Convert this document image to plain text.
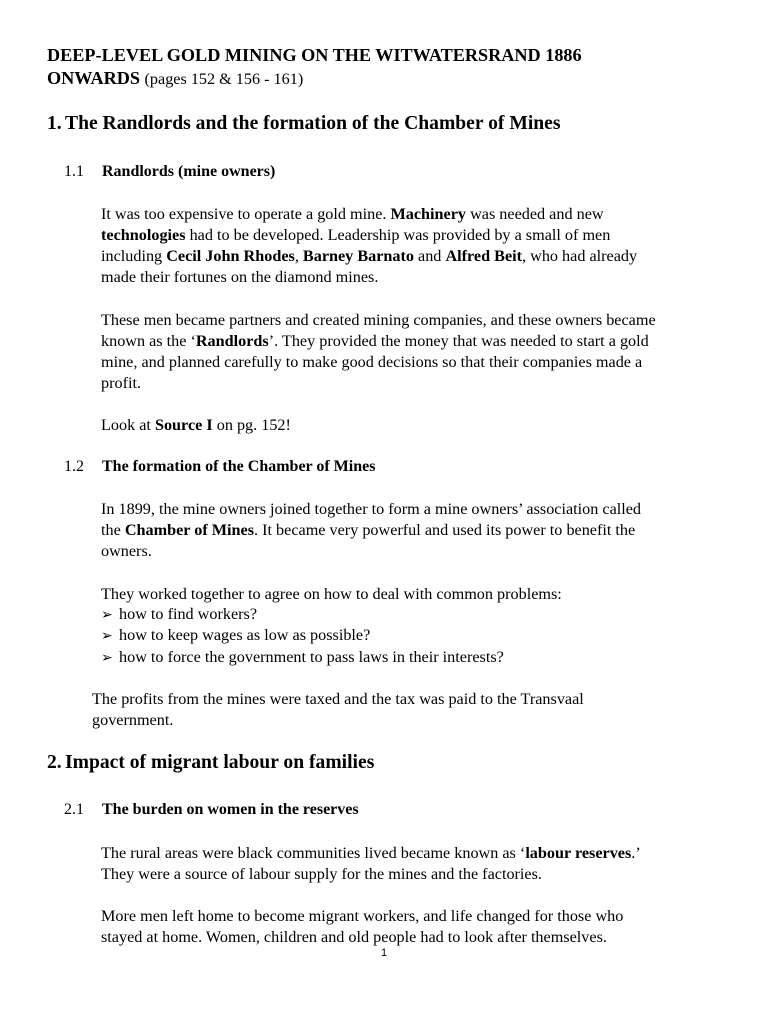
DEEP-LEVEL GOLD MINING ON THE WITWATERSRAND 1886
ONWARDS (pages 152 & 156 - 161)
1. The Randlords and the formation of the Chamber of Mines
1.1 Randlords (mine owners)
It was too expensive to operate a gold mine. Machinery was needed and new
technologies had to be developed. Leadership was provided by a small of men
including Cecil John Rhodes, Barney Barnato and Alfred Beit, who had already
made their fortunes on the diamond mines.
These men became partners and created mining companies, and these owners became
known as the ‘Randlords’. They provided the money that was needed to start a gold
mine, and planned carefully to make good decisions so that their companies made a
profit.
Look at Source I on pg. 152!
1.2 The formation of the Chamber of Mines
In 1899, the mine owners joined together to form a mine owners’ association called
the Chamber of Mines. It became very powerful and used its power to benefit the
owners.
They worked together to agree on how to deal with common problems:
➢ how to find workers?
➢ how to keep wages as low as possible?
➢ how to force the government to pass laws in their interests?
The profits from the mines were taxed and the tax was paid to the Transvaal
government.
2. Impact of migrant labour on families
2.1 The burden on women in the reserves
The rural areas were black communities lived became known as ‘labour reserves.’
They were a source of labour supply for the mines and the factories.
More men left home to become migrant workers, and life changed for those who
stayed at home. Women, children and old people had to look after themselves.
1
